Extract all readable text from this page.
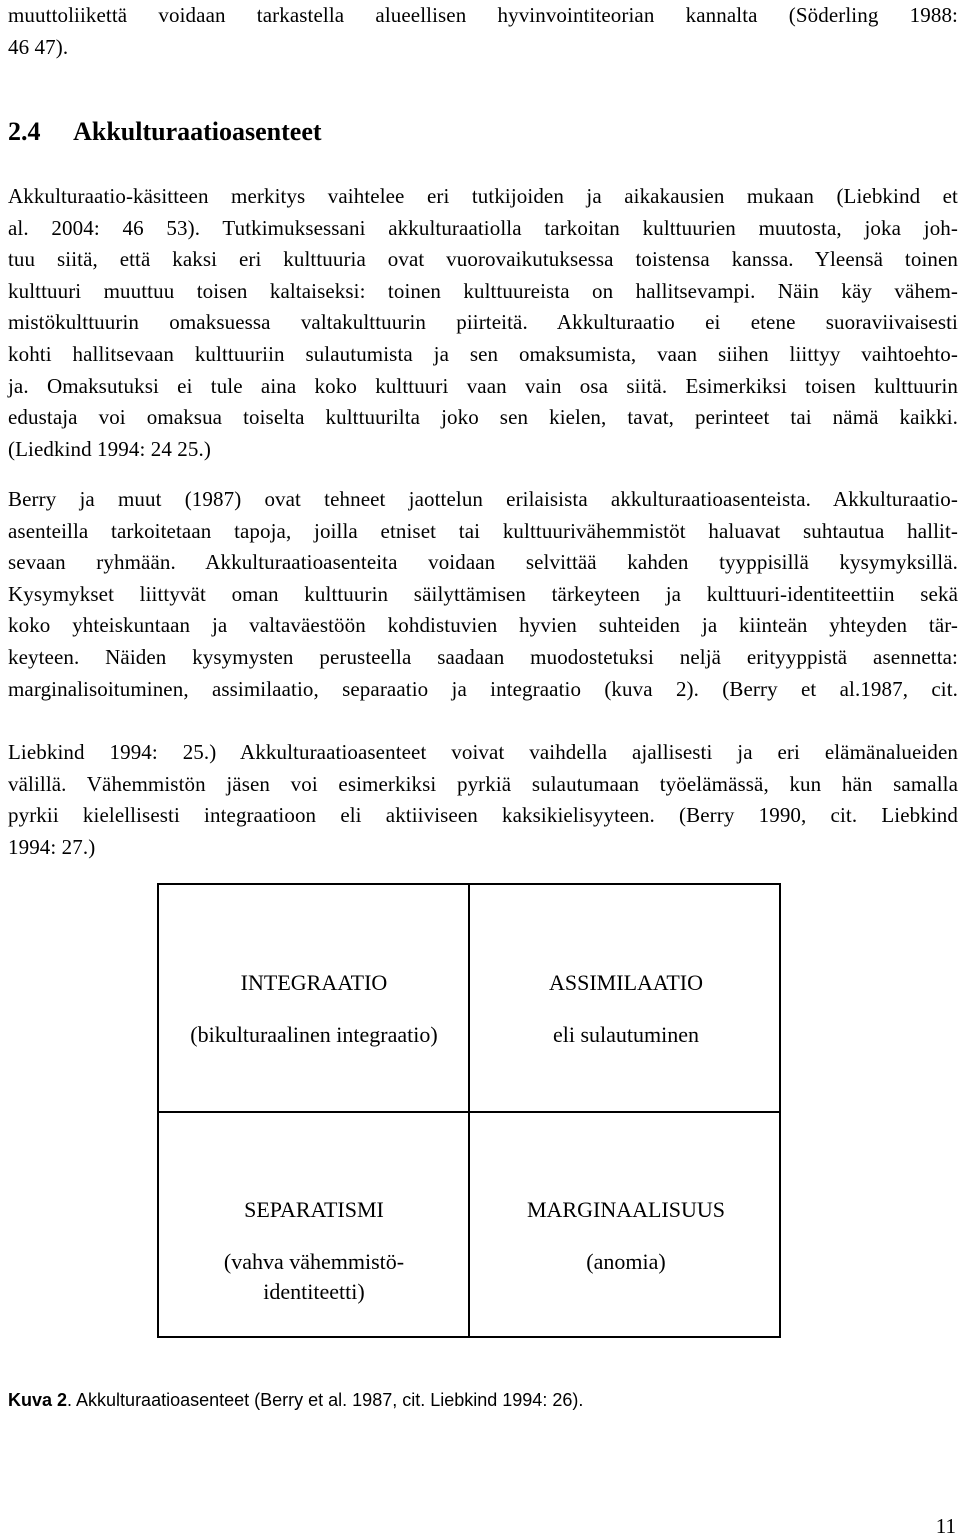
muuttoliikettä voidaan tarkastella alueellisen hyvinvointiteorian kannalta (Söderling 1988:
46 47).

2.4 Akkulturaatioasenteet

Akkulturaatio-käsitteen merkitys vaihtelee eri tutkijoiden ja aikakausien mukaan (Liebkind et
al. 2004: 46 53). Tutkimuksessani akkulturaatiolla tarkoitan kulttuurien muutosta, joka joh-
tuu siitä, että kaksi eri kulttuuria ovat vuorovaikutuksessa toistensa kanssa. Yleensä toinen
kulttuuri muuttuu toisen kaltaiseksi: toinen kulttuureista on hallitsevampi. Näin käy vähem-
mistökulttuurin omaksuessa valtakulttuurin piirteitä. Akkulturaatio ei etene suoraviivaisesti
kohti hallitsevaan kulttuuriin sulautumista ja sen omaksumista, vaan siihen liittyy vaihtoehto-
ja. Omaksutuksi ei tule aina koko kulttuuri vaan vain osa siitä. Esimerkiksi toisen kulttuurin
edustaja voi omaksua toiselta kulttuurilta joko sen kielen, tavat, perinteet tai nämä kaikki.
(Liedkind 1994: 24 25.)

Berry ja muut (1987) ovat tehneet jaottelun erilaisista akkulturaatioasenteista. Akkulturaatio-
asenteilla tarkoitetaan tapoja, joilla etniset tai kulttuurivähemmistöt haluavat suhtautua hallit-
sevaan ryhmään. Akkulturaatioasenteita voidaan selvittää kahden tyyppisillä kysymyksillä.
Kysymykset liittyvät oman kulttuurin säilyttämisen tärkeyteen ja kulttuuri-identiteettiin sekä
koko yhteiskuntaan ja valtaväestöön kohdistuvien hyvien suhteiden ja kiinteän yhteyden tär-
keyteen. Näiden kysymysten perusteella saadaan muodostetuksi neljä erityyppistä asennetta:
marginalisoituminen, assimilaatio, separaatio ja integraatio (kuva 2). (Berry et al.1987, cit.

Liebkind 1994: 25.) Akkulturaatioasenteet voivat vaihdella ajallisesti ja eri elämänalueiden
välillä. Vähemmistön jäsen voi esimerkiksi pyrkiä sulautumaan työelämässä, kun hän samalla
pyrkii kielellisesti integraatioon eli aktiiviseen kaksikielisyyteen. (Berry 1990, cit. Liebkind
1994: 27.)

INTEGRAATIO
(bikulturaalinen integraatio)
ASSIMILAATIO
eli sulautuminen
SEPARATISMI
(vahva vähemmistö-
identiteetti)
MARGINAALISUUS
(anomia)

Kuva 2. Akkulturaatioasenteet (Berry et al. 1987, cit. Liebkind 1994: 26).

11
